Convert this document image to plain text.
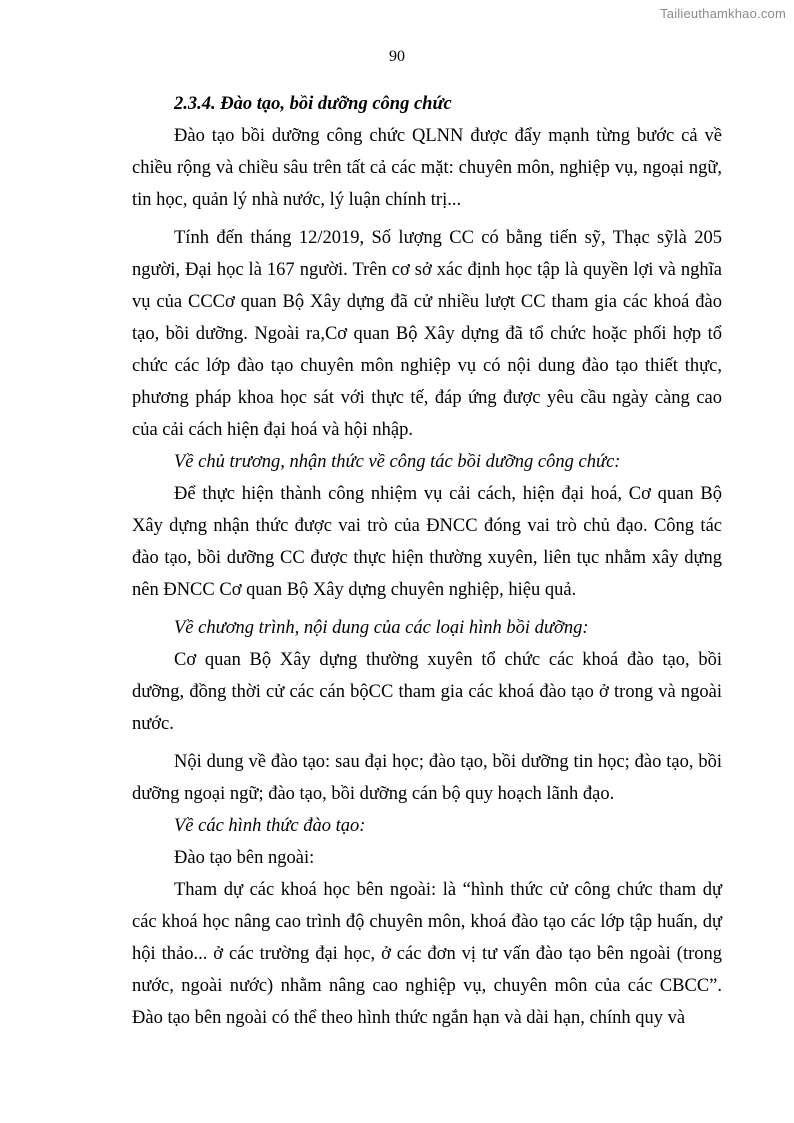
Tailieuthamkhao.com
90

2.3.4. Đào tạo, bồi dưỡng công chức

Đào tạo bồi dưỡng công chức QLNN được đẩy mạnh từng bước cả về chiều rộng và chiều sâu trên tất cả các mặt: chuyên môn, nghiệp vụ, ngoại ngữ, tin học, quản lý nhà nước, lý luận chính trị...

Tính đến tháng 12/2019, Số lượng CC có bằng tiến sỹ, Thạc sỹlà 205 người, Đại học là 167 người. Trên cơ sở xác định học tập là quyền lợi và nghĩa vụ của CCCơ quan Bộ Xây dựng đã cử nhiều lượt CC tham gia các khoá đào tạo, bồi dưỡng. Ngoài ra,Cơ quan Bộ Xây dựng đã tổ chức hoặc phối hợp tổ chức các lớp đào tạo chuyên môn nghiệp vụ có nội dung đào tạo thiết thực, phương pháp khoa học sát với thực tế, đáp ứng được yêu cầu ngày càng cao của cải cách hiện đại hoá và hội nhập.

Về chủ trương, nhận thức về công tác bồi dưỡng công chức:

Để thực hiện thành công nhiệm vụ cải cách, hiện đại hoá, Cơ quan Bộ Xây dựng nhận thức được vai trò của ĐNCC đóng vai trò chủ đạo. Công tác đào tạo, bồi dưỡng CC được thực hiện thường xuyên, liên tục nhằm xây dựng nên ĐNCC Cơ quan Bộ Xây dựng chuyên nghiệp, hiệu quả.

Về chương trình, nội dung của các loại hình bồi dưỡng:

Cơ quan Bộ Xây dựng thường xuyên tổ chức các khoá đào tạo, bồi dưỡng, đồng thời cử các cán bộCC tham gia các khoá đào tạo ở trong và ngoài nước.

Nội dung về đào tạo: sau đại học; đào tạo, bồi dưỡng tin học; đào tạo, bồi dưỡng ngoại ngữ; đào tạo, bồi dưỡng cán bộ quy hoạch lãnh đạo.

Về các hình thức đào tạo:

Đào tạo bên ngoài:

Tham dự các khoá học bên ngoài: là “hình thức cử công chức tham dự các khoá học nâng cao trình độ chuyên môn, khoá đào tạo các lớp tập huấn, dự hội thảo... ở các trường đại học, ở các đơn vị tư vấn đào tạo bên ngoài (trong nước, ngoài nước) nhằm nâng cao nghiệp vụ, chuyên môn của các CBCC”. Đào tạo bên ngoài có thể theo hình thức ngắn hạn và dài hạn, chính quy và
